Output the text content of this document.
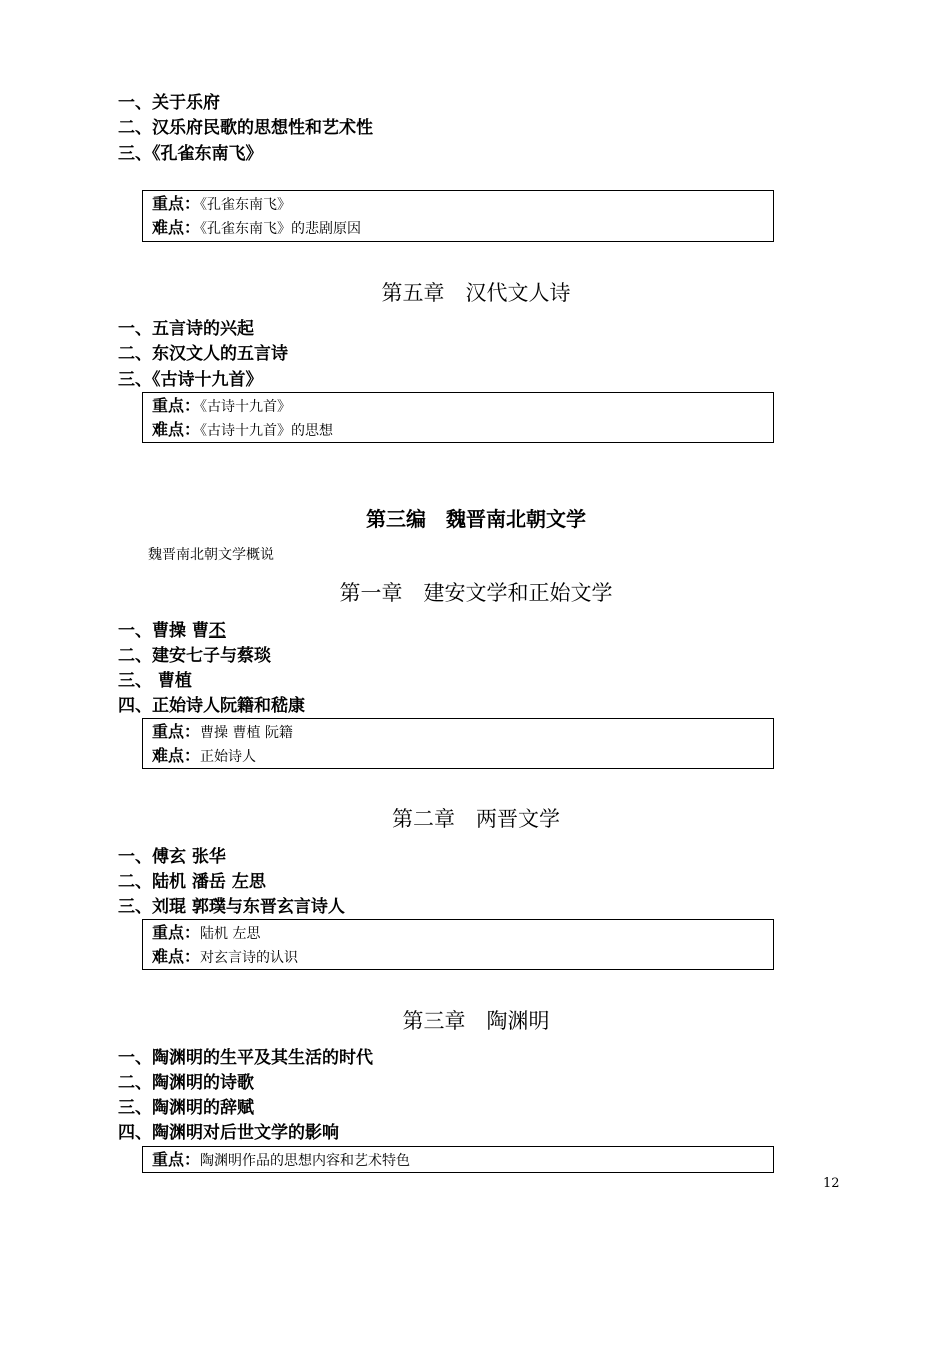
一、关于乐府
二、汉乐府民歌的思想性和艺术性
三、《孔雀东南飞》
重点：《孔雀东南飞》
难点：《孔雀东南飞》的悲剧原因
第五章　汉代文人诗
一、五言诗的兴起
二、东汉文人的五言诗
三、《古诗十九首》
重点：《古诗十九首》
难点：《古诗十九首》的思想
第三编　魏晋南北朝文学
魏晋南北朝文学概说
第一章　建安文学和正始文学
一、曹操 曹丕
二、建安七子与蔡琰
三、 曹植
四、正始诗人阮籍和嵇康
重点：曹操 曹植 阮籍
难点：正始诗人
第二章　两晋文学
一、傅玄 张华
二、陆机 潘岳 左思
三、刘琨 郭璞与东晋玄言诗人
重点：陆机 左思
难点：对玄言诗的认识
第三章　陶渊明
一、陶渊明的生平及其生活的时代
二、陶渊明的诗歌
三、陶渊明的辞赋
四、陶渊明对后世文学的影响
重点：陶渊明作品的思想内容和艺术特色
12
